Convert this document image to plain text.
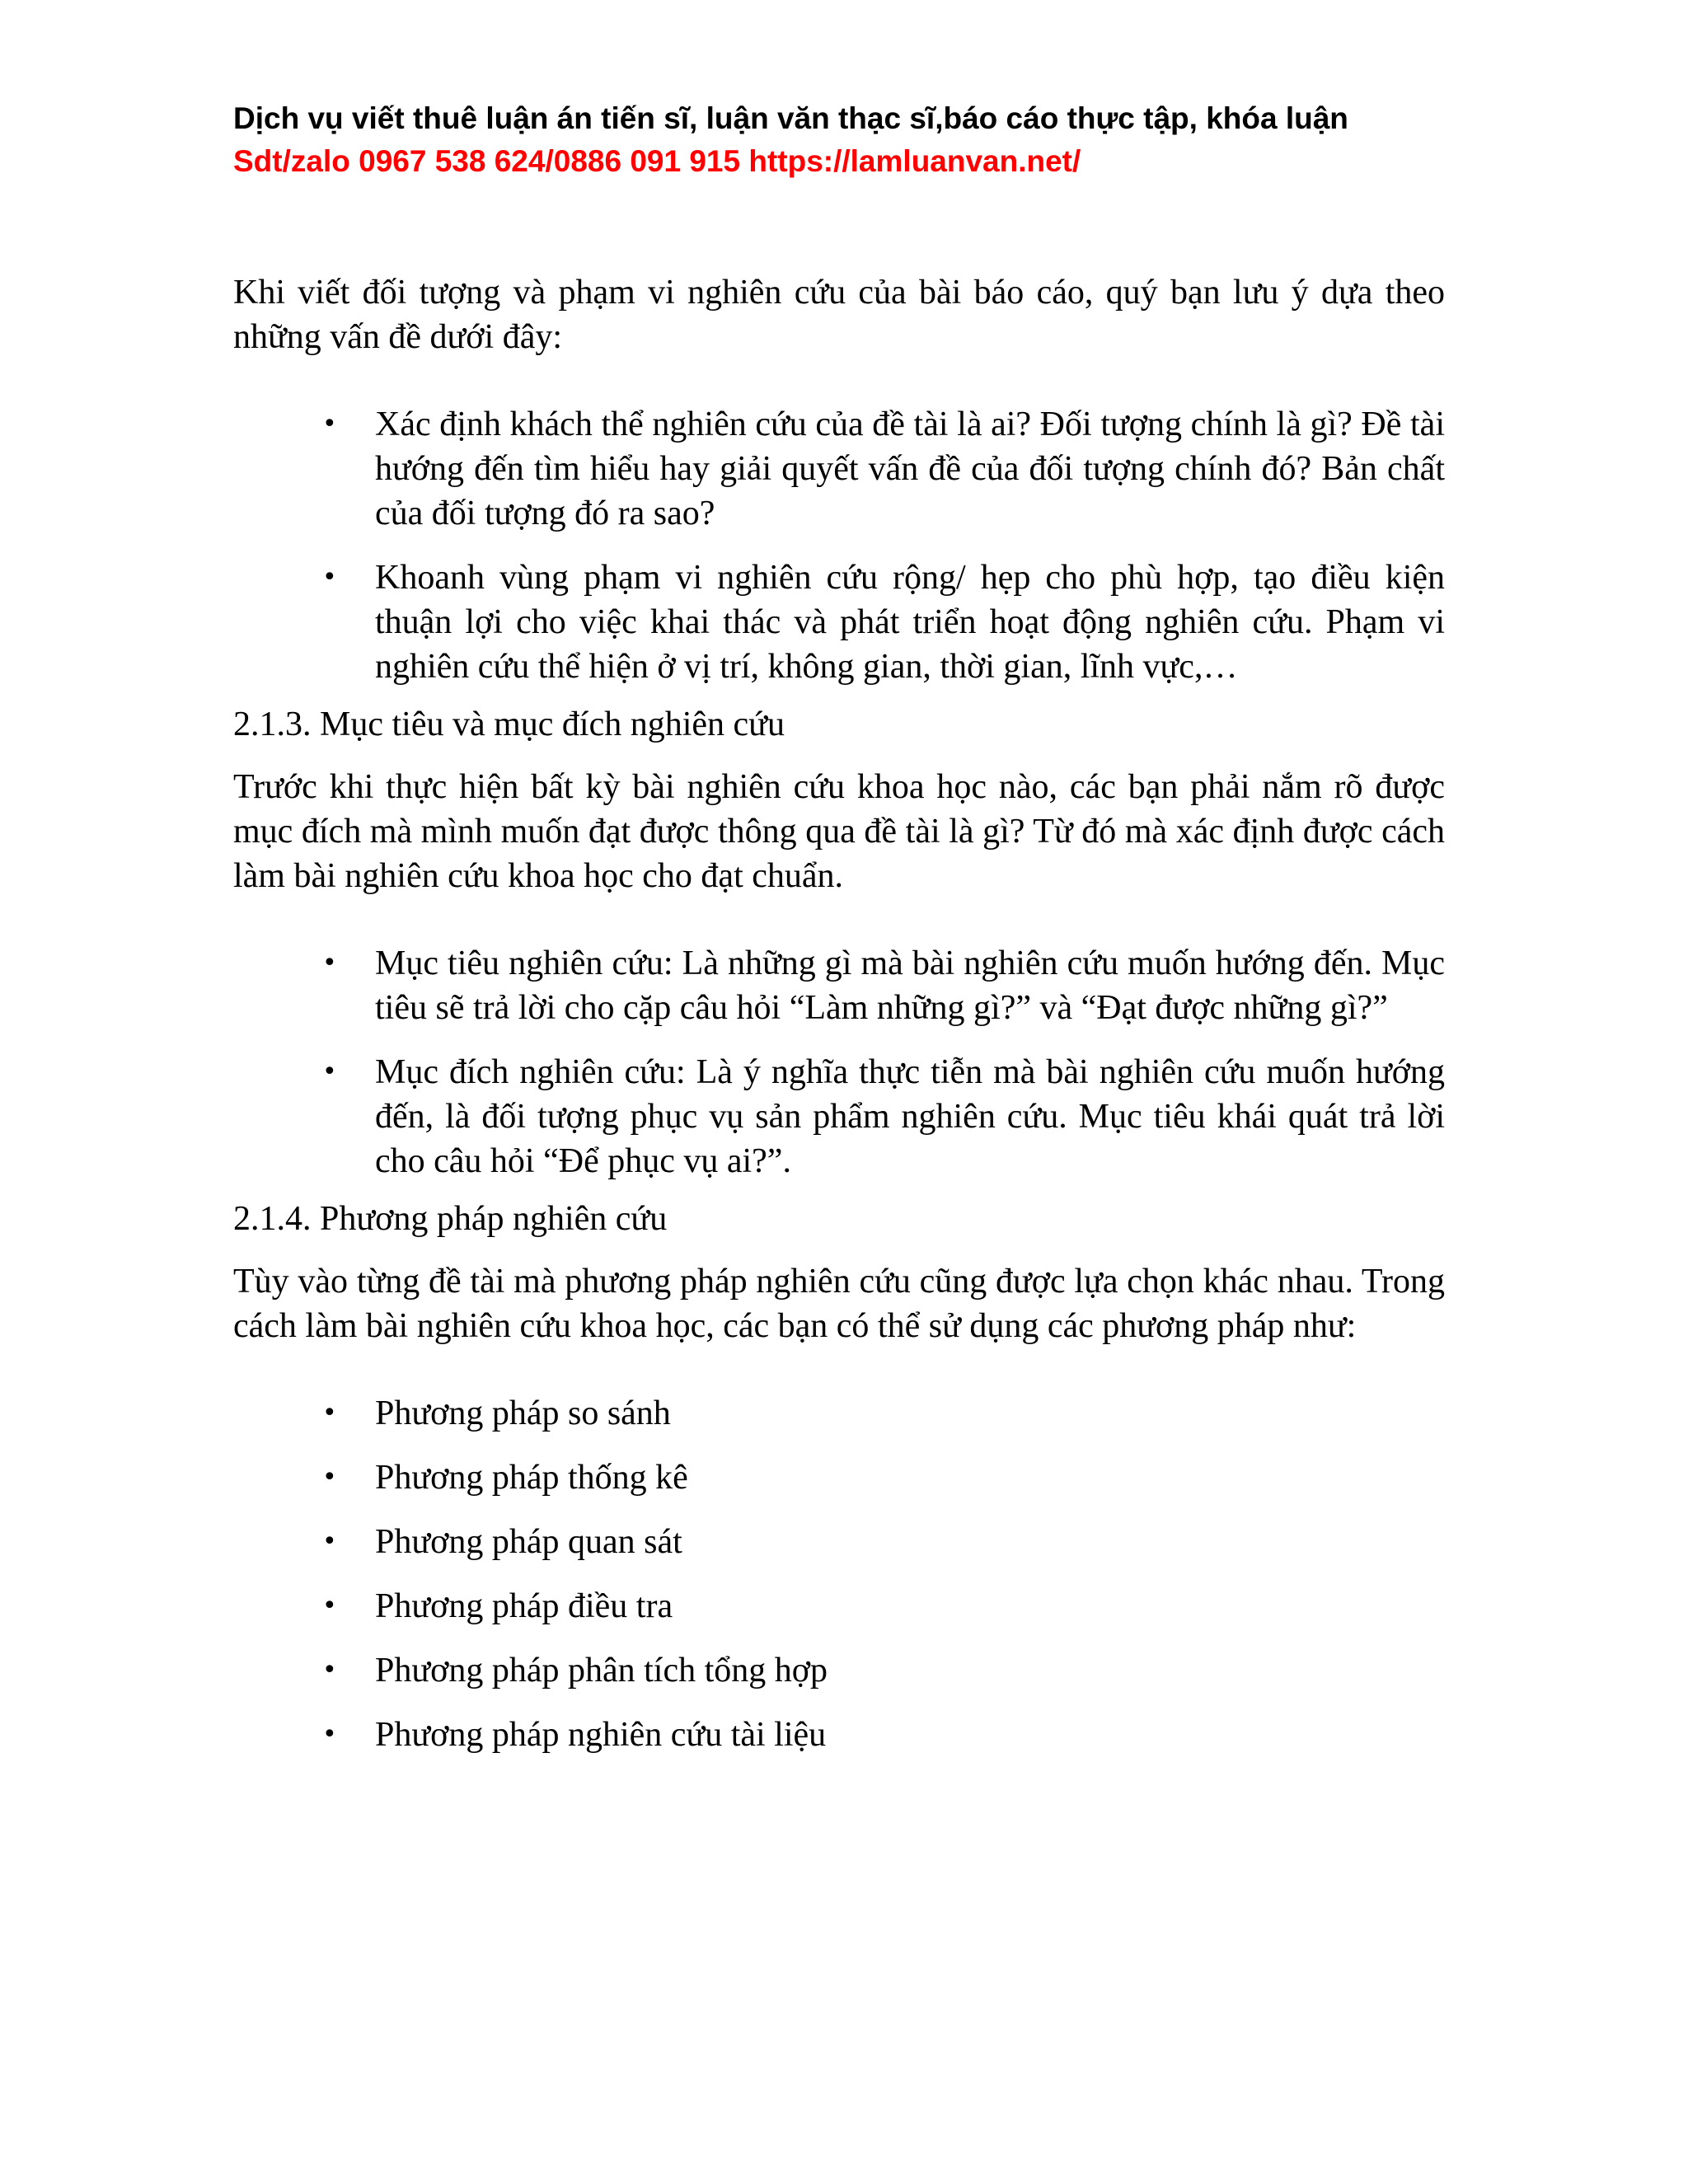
Dịch vụ viết thuê luận án tiến sĩ, luận văn thạc sĩ,báo cáo thực tập, khóa luận
Sdt/zalo 0967 538 624/0886 091 915 https://lamluanvan.net/

Khi viết đối tượng và phạm vi nghiên cứu của bài báo cáo, quý bạn lưu ý dựa theo những vấn đề dưới đây:

• Xác định khách thể nghiên cứu của đề tài là ai? Đối tượng chính là gì? Đề tài hướng đến tìm hiểu hay giải quyết vấn đề của đối tượng chính đó? Bản chất của đối tượng đó ra sao?
• Khoanh vùng phạm vi nghiên cứu rộng/ hẹp cho phù hợp, tạo điều kiện thuận lợi cho việc khai thác và phát triển hoạt động nghiên cứu. Phạm vi nghiên cứu thể hiện ở vị trí, không gian, thời gian, lĩnh vực,…

2.1.3. Mục tiêu và mục đích nghiên cứu

Trước khi thực hiện bất kỳ bài nghiên cứu khoa học nào, các bạn phải nắm rõ được mục đích mà mình muốn đạt được thông qua đề tài là gì? Từ đó mà xác định được cách làm bài nghiên cứu khoa học cho đạt chuẩn.

• Mục tiêu nghiên cứu: Là những gì mà bài nghiên cứu muốn hướng đến. Mục tiêu sẽ trả lời cho cặp câu hỏi “Làm những gì?” và “Đạt được những gì?”
• Mục đích nghiên cứu: Là ý nghĩa thực tiễn mà bài nghiên cứu muốn hướng đến, là đối tượng phục vụ sản phẩm nghiên cứu. Mục tiêu khái quát trả lời cho câu hỏi “Để phục vụ ai?”.

2.1.4. Phương pháp nghiên cứu

Tùy vào từng đề tài mà phương pháp nghiên cứu cũng được lựa chọn khác nhau. Trong cách làm bài nghiên cứu khoa học, các bạn có thể sử dụng các phương pháp như:

• Phương pháp so sánh
• Phương pháp thống kê
• Phương pháp quan sát
• Phương pháp điều tra
• Phương pháp phân tích tổng hợp
• Phương pháp nghiên cứu tài liệu
